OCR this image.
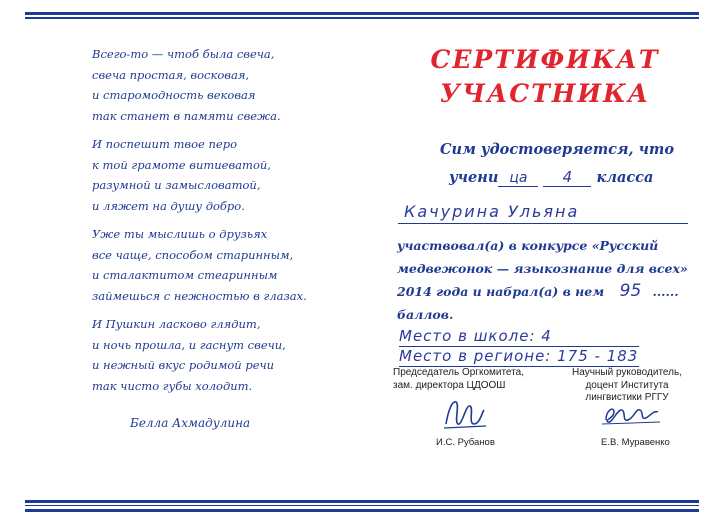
Всего-то — чтоб была свеча,
свеча простая, восковая,
и старомодность вековая
так станет в памяти свежа.
И поспешит твое перо
к той грамоте витиеватой,
разумной и замысловатой,
и ляжет на душу добро.
Уже ты мыслишь о друзьях
все чаще, способом старинным,
и сталактитом стеаринным
займешься с нежностью в глазах.
И Пушкин ласково глядит,
и ночь прошла, и гаснут свечи,
и нежный вкус родимой речи
так чисто губы холодит.
Белла Ахмадулина
СЕРТИФИКАТ
УЧАСТНИКА
Сим удостоверяется, что
учени ца 4 класса
Качурина Ульяна
участвовал(а) в конкурсе «Русский
медвежонок — языкознание для всех»
2014 года и набрал(а) в нем 95 ......
баллов.
Место в школе: 4
Место в регионе: 175 - 183
Председатель Оргкомитета,
зам. директора ЦДООШ
Научный руководитель,
доцент Института
лингвистики РГГУ
И.С. Рубанов	Е.В. Муравенко
